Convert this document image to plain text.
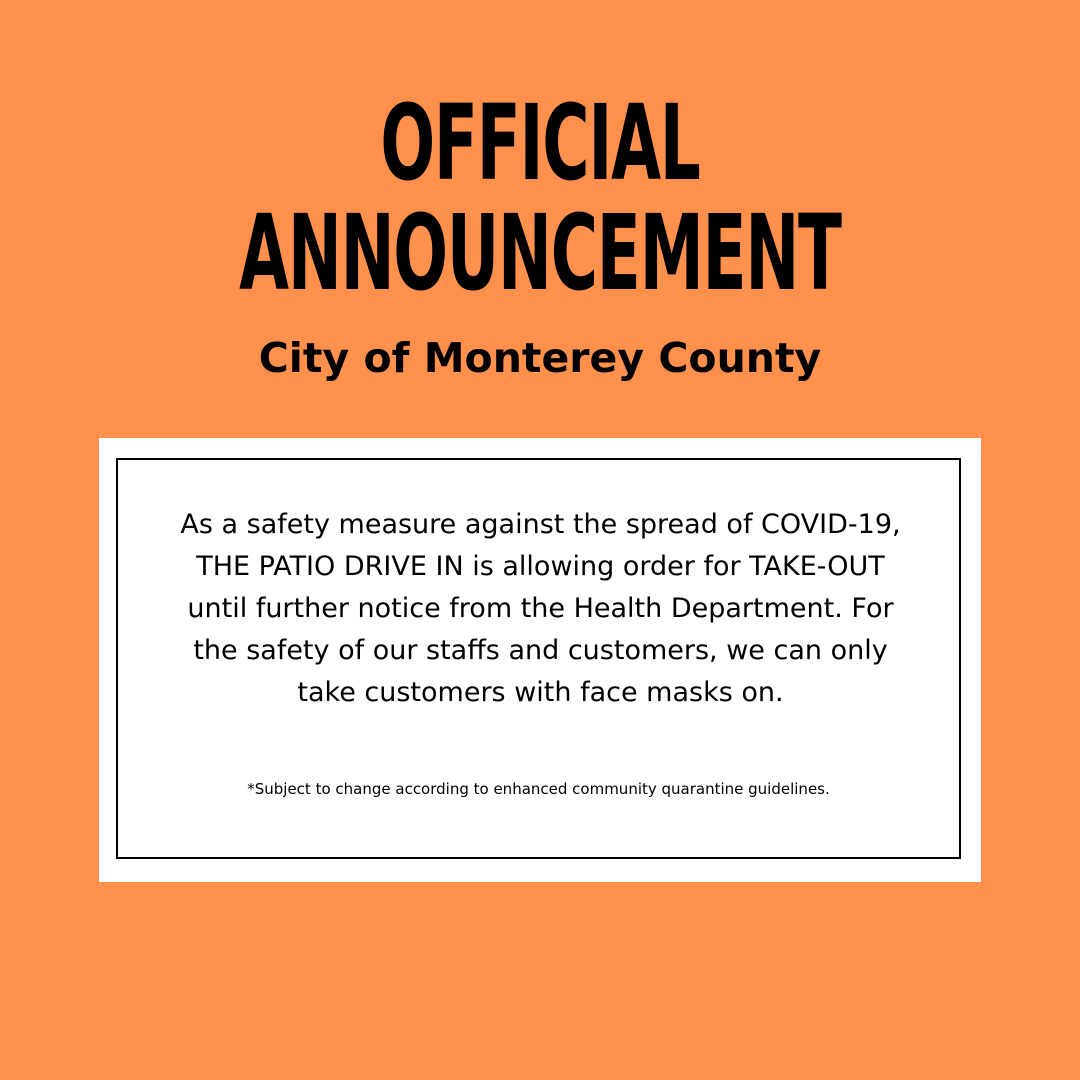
OFFICIAL
ANNOUNCEMENT
City of Monterey County

As a safety measure against the spread of COVID-19, THE PATIO DRIVE IN is allowing order for TAKE-OUT until further notice from the Health Department. For the safety of our staffs and customers, we can only take customers with face masks on.

*Subject to change according to enhanced community quarantine guidelines.
